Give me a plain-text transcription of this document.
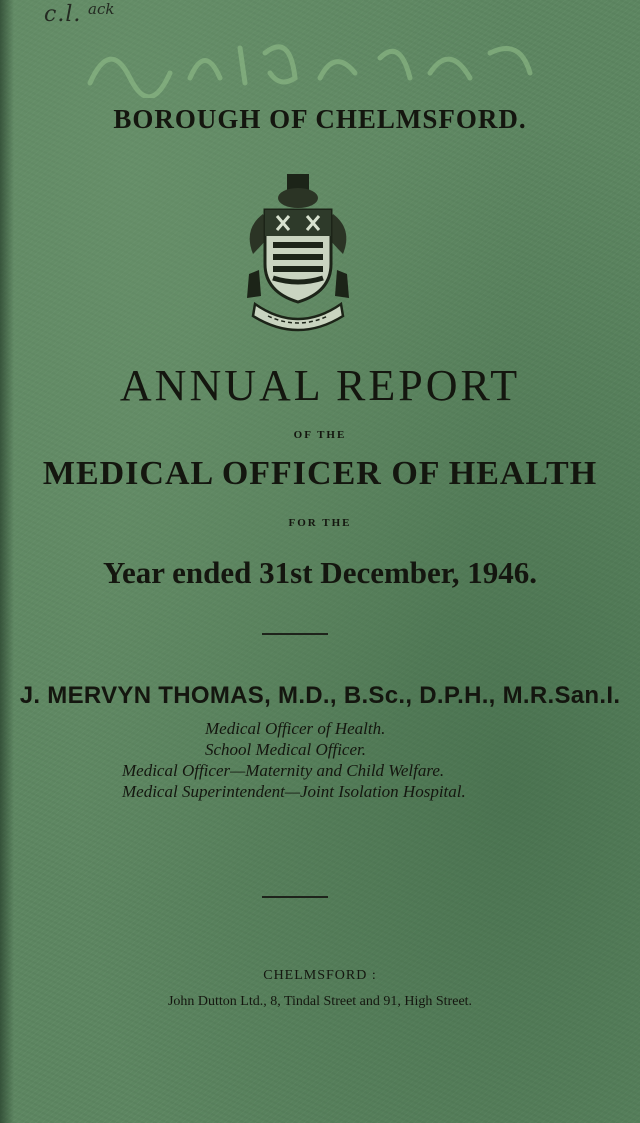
c.l. ack
BOROUGH OF CHELMSFORD.
ANNUAL REPORT
OF THE
MEDICAL OFFICER OF HEALTH
FOR THE
Year ended 31st December, 1946.
J. MERVYN THOMAS, M.D., B.Sc., D.P.H., M.R.San.I.
Medical Officer of Health.
School Medical Officer.
Medical Officer—Maternity and Child Welfare.
Medical Superintendent—Joint Isolation Hospital.
CHELMSFORD :
John Dutton Ltd., 8, Tindal Street and 91, High Street.
